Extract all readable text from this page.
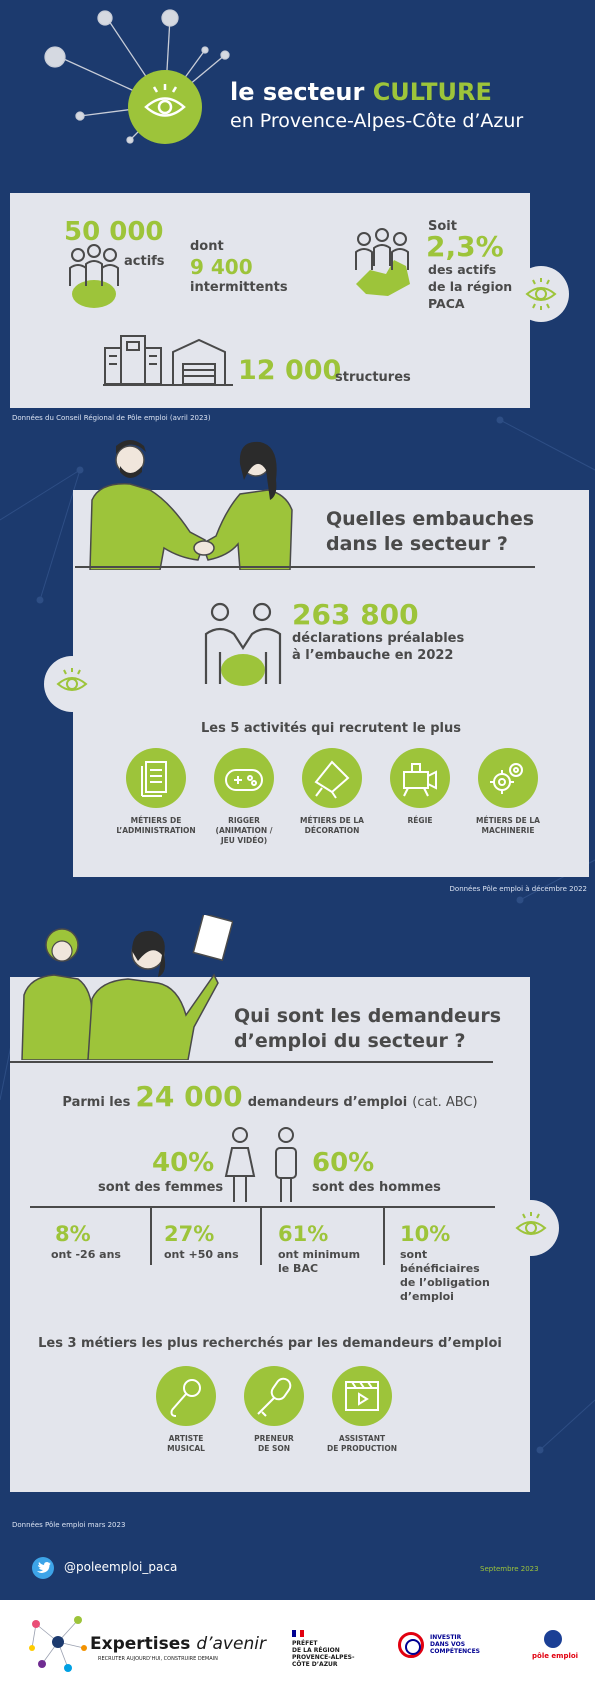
le secteur CULTURE
en Provence-Alpes-Côte d’Azur
50 000
actifs
dont
9 400
intermittents
Soit
2,3%
des actifs
de la région
PACA
12 000
structures
Données du Conseil Régional de Pôle emploi (avril 2023)
Quelles embauches
dans le secteur ?
263 800
déclarations préalables
à l’embauche en 2022
Les 5 activités qui recrutent le plus
MÉTIERS DE
L’ADMINISTRATION
RIGGER
(ANIMATION /
JEU VIDÉO)
MÉTIERS DE LA
DÉCORATION
RÉGIE	MÉTIERS DE LA
MACHINERIE
Données Pôle emploi à décembre 2022
Qui sont les demandeurs
d’emploi du secteur ?
Parmi les 24 000 demandeurs d’emploi (cat. ABC)
40%
sont des femmes
60%
sont des hommes
8%
ont -26 ans
27%
ont +50 ans
61%
ont minimum
le BAC
10%
sont
bénéficiaires
de l’obligation
d’emploi
Les 3 métiers les plus recherchés par les demandeurs d’emploi
ARTISTE
MUSICAL
PRENEUR
DE SON
ASSISTANT
DE PRODUCTION
Données Pôle emploi mars 2023
@poleemploi_paca	Septembre 2023
Expertises d’avenir
RECRUTER AUJOURD’HUI, CONSTRUIRE DEMAIN
PRÉFET
DE LA RÉGION
PROVENCE-ALPES-
CÔTE D’AZUR
INVESTIR
DANS VOS
COMPÉTENCES
pôle emploi
